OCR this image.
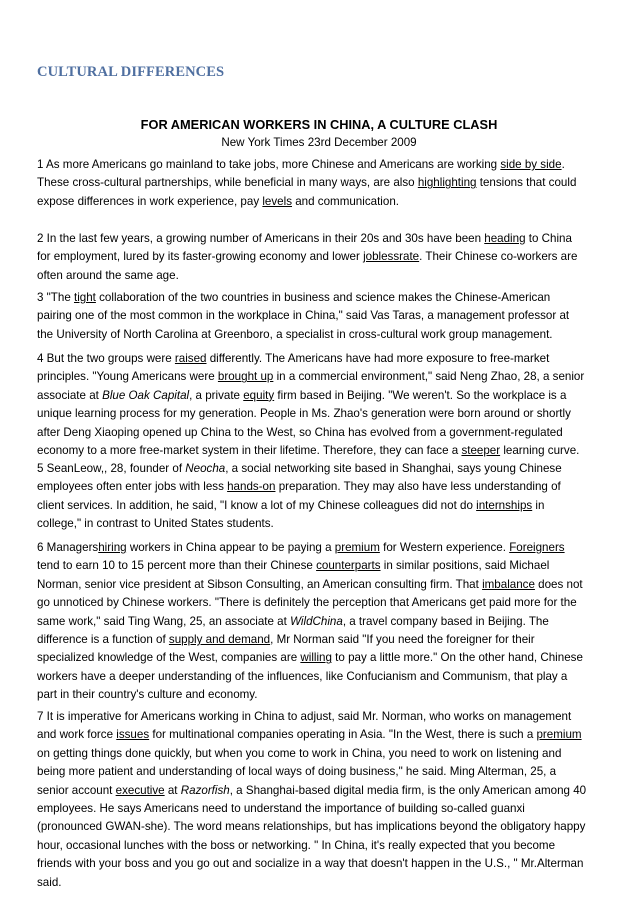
CULTURAL DIFFERENCES
FOR AMERICAN WORKERS IN CHINA, A CULTURE CLASH
New York Times 23rd December 2009
1 As more Americans go mainland to take jobs, more Chinese and Americans are working side by side.
These cross-cultural partnerships, while beneficial in many ways, are also highlighting tensions that could
expose differences in work experience, pay levels and communication.
2 In the last few years, a growing number of Americans in their 20s and 30s have been heading to China
for employment, lured by its faster-growing economy and lower joblessrate. Their Chinese co-workers are
often around the same age.
3 "The tight collaboration of the two countries in business and science makes the Chinese-American
pairing one of the most common in the workplace in China," said Vas Taras, a management professor at
the University of North Carolina at Greenboro, a specialist in cross-cultural work group management.
4 But the two groups were raised differently. The Americans have had more exposure to free-market
principles. "Young Americans were brought up in a commercial environment," said Neng Zhao, 28, a senior
associate at Blue Oak Capital, a private equity firm based in Beijing. "We weren't. So the workplace is a
unique learning process for my generation. People in Ms. Zhao's generation were born around or shortly
after Deng Xiaoping opened up China to the West, so China has evolved from a government-regulated
economy to a more free-market system in their lifetime. Therefore, they can face a steeper learning curve.
5 SeanLeow,, 28, founder of Neocha, a social networking site based in Shanghai, says young Chinese
employees often enter jobs with less hands-on preparation. They may also have less understanding of
client services. In addition, he said, "I know a lot of my Chinese colleagues did not do internships in
college," in contrast to United States students.
6 Managershiring workers in China appear to be paying a premium for Western experience. Foreigners
tend to earn 10 to 15 percent more than their Chinese counterparts in similar positions, said Michael
Norman, senior vice president at Sibson Consulting, an American consulting firm. That imbalance does not
go unnoticed by Chinese workers. "There is definitely the perception that Americans get paid more for the
same work," said Ting Wang, 25, an associate at WildChina, a travel company based in Beijing. The
difference is a function of supply and demand, Mr Norman said "If you need the foreigner for their
specialized knowledge of the West, companies are willing to pay a little more." On the other hand, Chinese
workers have a deeper understanding of the influences, like Confucianism and Communism, that play a
part in their country's culture and economy.
7 It is imperative for Americans working in China to adjust, said Mr. Norman, who works on management
and work force issues for multinational companies operating in Asia. "In the West, there is such a premium
on getting things done quickly, but when you come to work in China, you need to work on listening and
being more patient and understanding of local ways of doing business," he said. Ming Alterman, 25, a
senior account executive at Razorfish, a Shanghai-based digital media firm, is the only American among 40
employees. He says Americans need to understand the importance of building so-called guanxi
(pronounced GWAN-she). The word means relationships, but has implications beyond the obligatory happy
hour, occasional lunches with the boss or networking. " In China, it's really expected that you become
friends with your boss and you go out and socialize in a way that doesn't happen in the U.S., " Mr.Alterman
said.
